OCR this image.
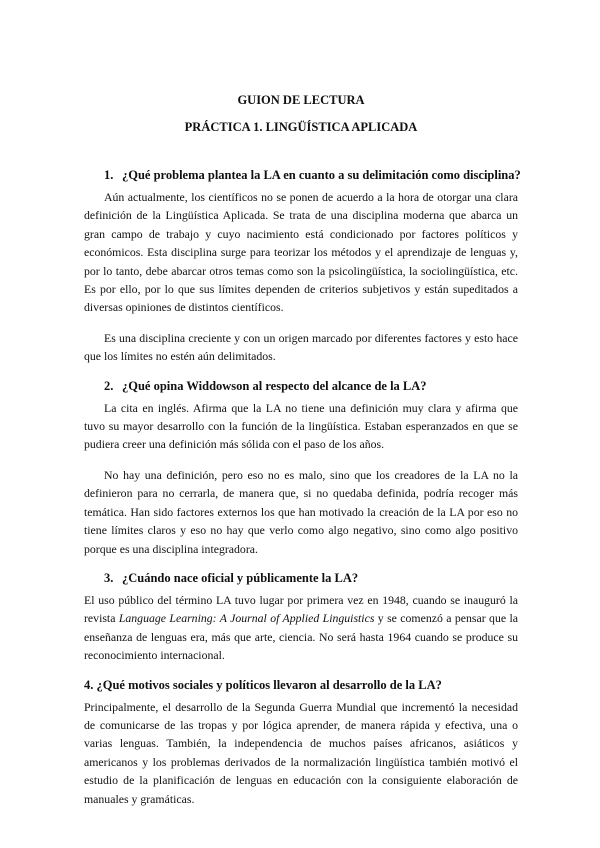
GUION DE LECTURA
PRÁCTICA 1. LINGÜÍSTICA APLICADA
1. ¿Qué problema plantea la LA en cuanto a su delimitación como disciplina?

Aún actualmente, los científicos no se ponen de acuerdo a la hora de otorgar una clara definición de la Lingüística Aplicada. Se trata de una disciplina moderna que abarca un gran campo de trabajo y cuyo nacimiento está condicionado por factores políticos y económicos. Esta disciplina surge para teorizar los métodos y el aprendizaje de lenguas y, por lo tanto, debe abarcar otros temas como son la psicolingüística, la sociolingüística, etc. Es por ello, por lo que sus límites dependen de criterios subjetivos y están supeditados a diversas opiniones de distintos científicos.

Es una disciplina creciente y con un origen marcado por diferentes factores y esto hace que los límites no estén aún delimitados.

2. ¿Qué opina Widdowson al respecto del alcance de la LA?

La cita en inglés. Afirma que la LA no tiene una definición muy clara y afirma que tuvo su mayor desarrollo con la función de la lingüística. Estaban esperanzados en que se pudiera creer una definición más sólida con el paso de los años.

No hay una definición, pero eso no es malo, sino que los creadores de la LA no la definieron para no cerrarla, de manera que, si no quedaba definida, podría recoger más temática. Han sido factores externos los que han motivado la creación de la LA por eso no tiene límites claros y eso no hay que verlo como algo negativo, sino como algo positivo porque es una disciplina integradora.

3. ¿Cuándo nace oficial y públicamente la LA?

El uso público del término LA tuvo lugar por primera vez en 1948, cuando se inauguró la revista Language Learning: A Journal of Applied Linguistics y se comenzó a pensar que la enseñanza de lenguas era, más que arte, ciencia. No será hasta 1964 cuando se produce su reconocimiento internacional.

4. ¿Qué motivos sociales y políticos llevaron al desarrollo de la LA?

Principalmente, el desarrollo de la Segunda Guerra Mundial que incrementó la necesidad de comunicarse de las tropas y por lógica aprender, de manera rápida y efectiva, una o varias lenguas. También, la independencia de muchos países africanos, asiáticos y americanos y los problemas derivados de la normalización lingüística también motivó el estudio de la planificación de lenguas en educación con la consiguiente elaboración de manuales y gramáticas.
